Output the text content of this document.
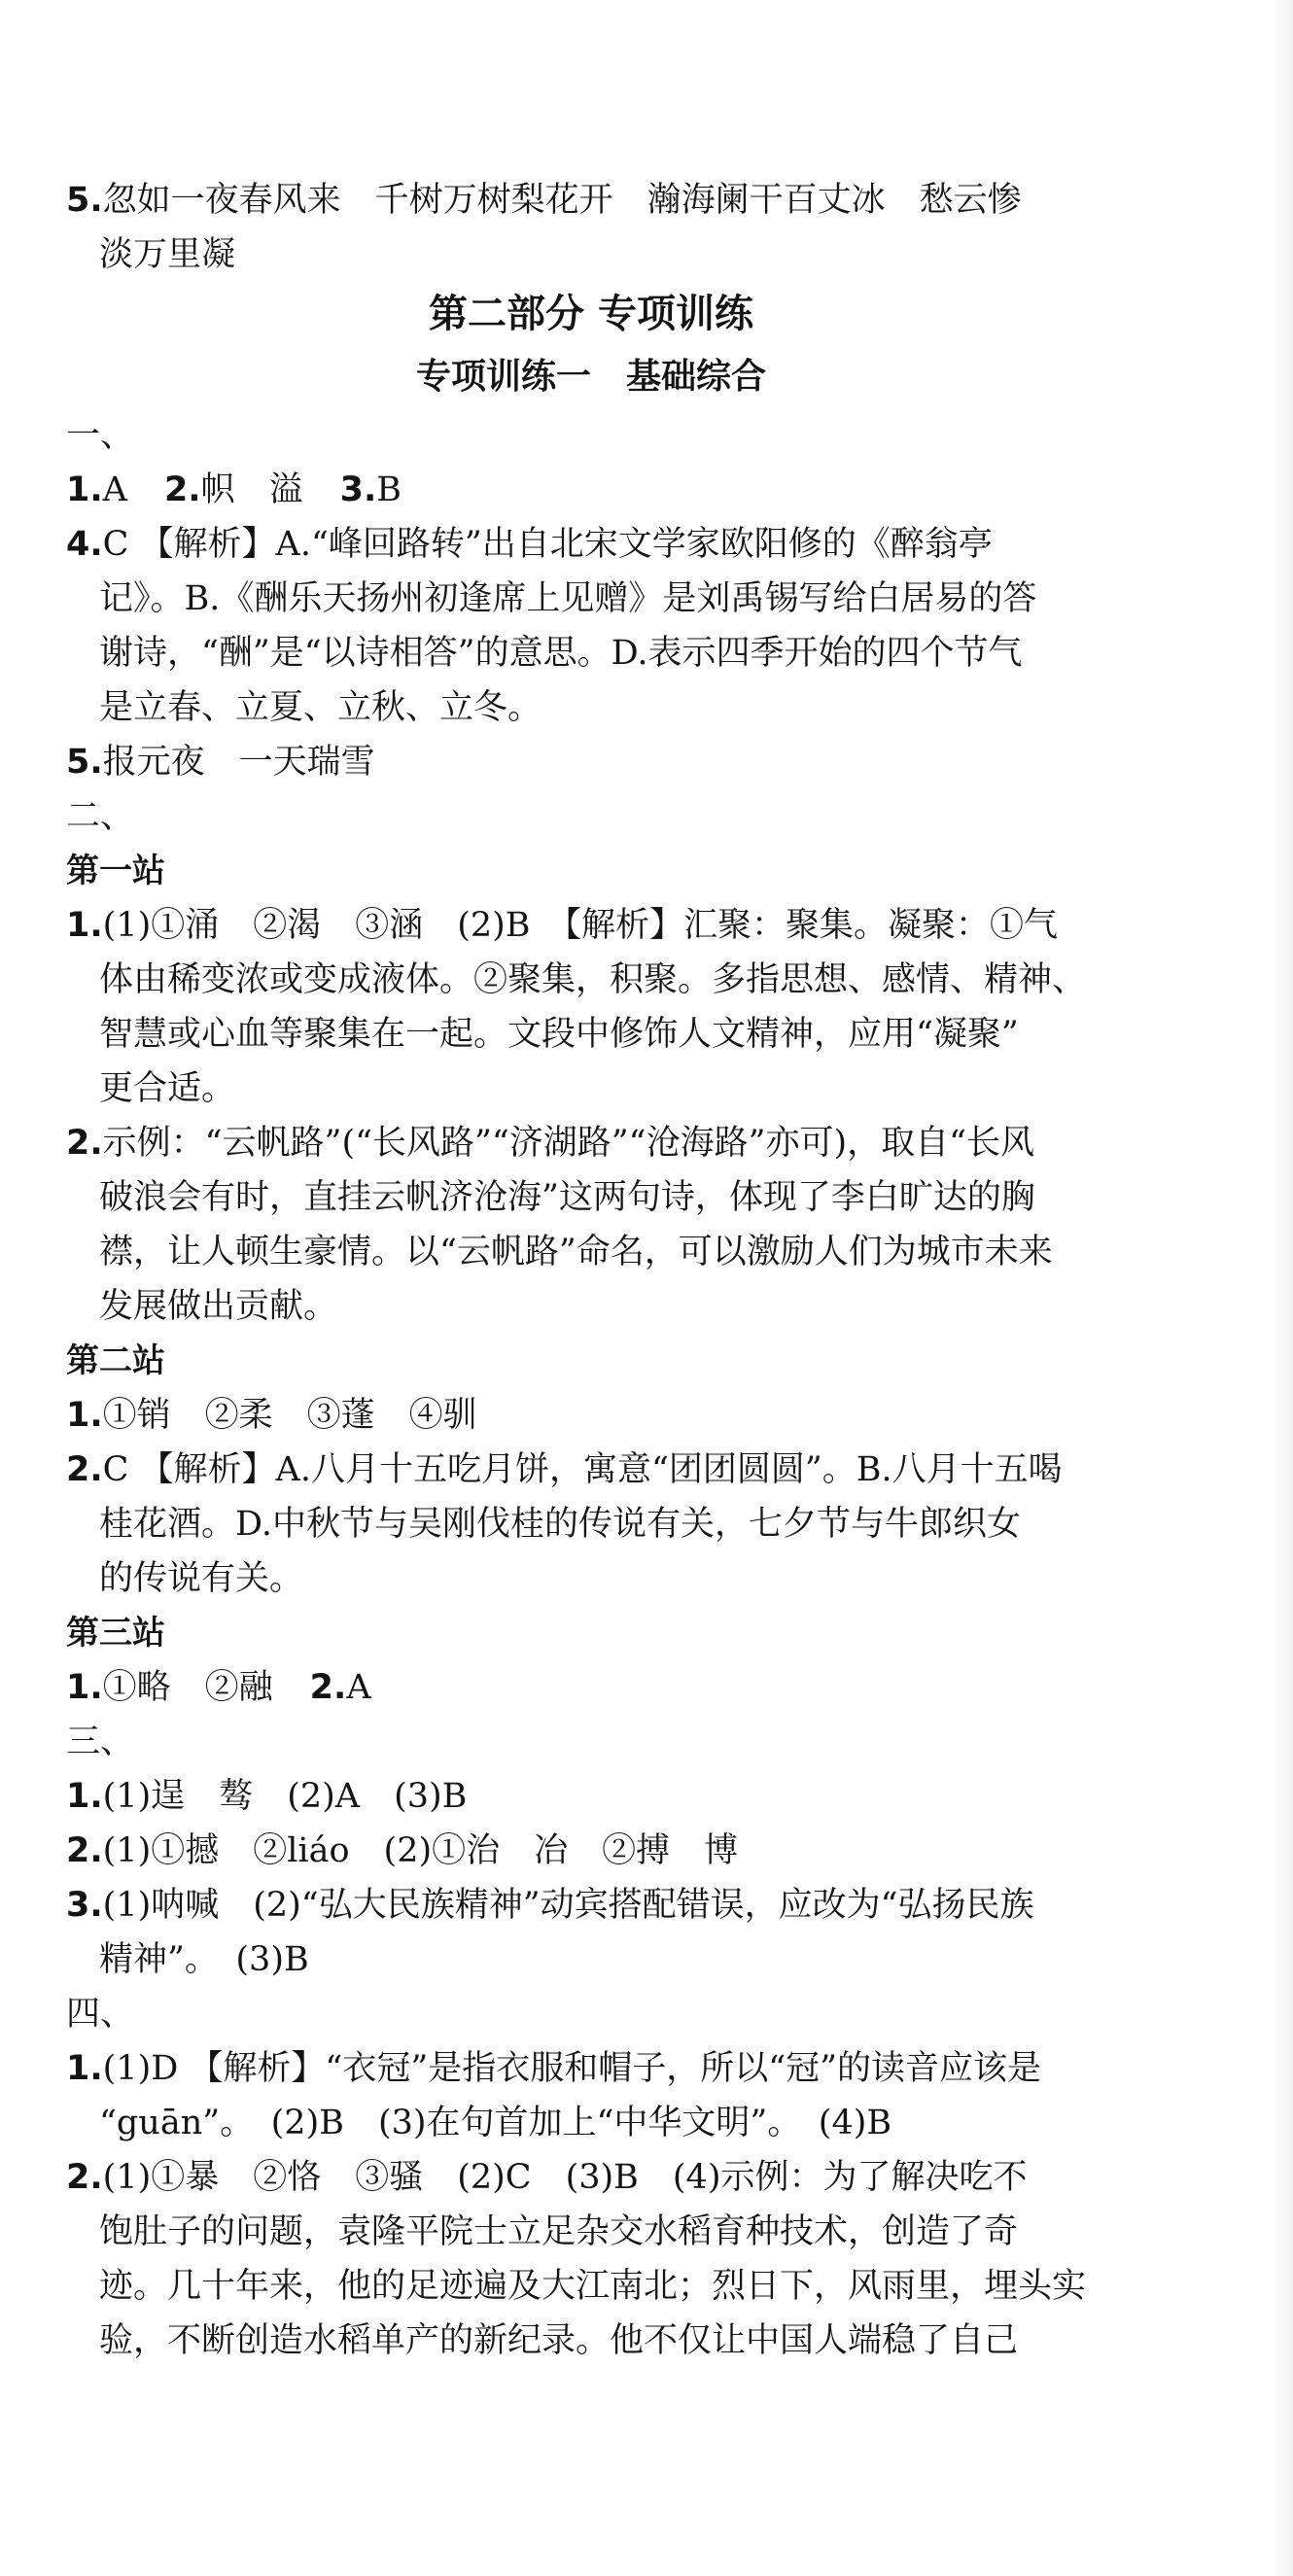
5.忽如一夜春风来　千树万树梨花开　瀚海阑干百丈冰　愁云惨
淡万里凝
第二部分 专项训练
专项训练一　基础综合
一、
1.A 2.帜　溢 3.B
4.C 【解析】A.“峰回路转”出自北宋文学家欧阳修的《醉翁亭
记》。B.《酬乐天扬州初逢席上见赠》是刘禹锡写给白居易的答
谢诗，“酬”是“以诗相答”的意思。D.表示四季开始的四个节气
是立春、立夏、立秋、立冬。
5.报元夜　一天瑞雪
二、
第一站
1.(1)①涌　②渴　③涵　(2)B　【解析】汇聚：聚集。凝聚：①气
体由稀变浓或变成液体。②聚集，积聚。多指思想、感情、精神、
智慧或心血等聚集在一起。文段中修饰人文精神，应用“凝聚”
更合适。
2.示例：“云帆路”(“长风路”“济湖路”“沧海路”亦可)，取自“长风
破浪会有时，直挂云帆济沧海”这两句诗，体现了李白旷达的胸
襟，让人顿生豪情。以“云帆路”命名，可以激励人们为城市未来
发展做出贡献。
第二站
1.①销　②柔　③蓬　④驯
2.C 【解析】A.八月十五吃月饼，寓意“团团圆圆”。B.八月十五喝
桂花酒。D.中秋节与吴刚伐桂的传说有关，七夕节与牛郎织女
的传说有关。
第三站
1.①略　②融 2.A
三、
1.(1)逞　骜　(2)A　(3)B
2.(1)①撼　②liáo　(2)①治　冶　②搏　博
3.(1)呐喊　(2)“弘大民族精神”动宾搭配错误，应改为“弘扬民族
精神”。　(3)B
四、
1.(1)D 【解析】“衣冠”是指衣服和帽子，所以“冠”的读音应该是
“guān”。　(2)B　(3)在句首加上“中华文明”。　(4)B
2.(1)①暴　②恪　③骚　(2)C　(3)B　(4)示例：为了解决吃不
饱肚子的问题，袁隆平院士立足杂交水稻育种技术，创造了奇
迹。几十年来，他的足迹遍及大江南北；烈日下，风雨里，埋头实
验，不断创造水稻单产的新纪录。他不仅让中国人端稳了自己
